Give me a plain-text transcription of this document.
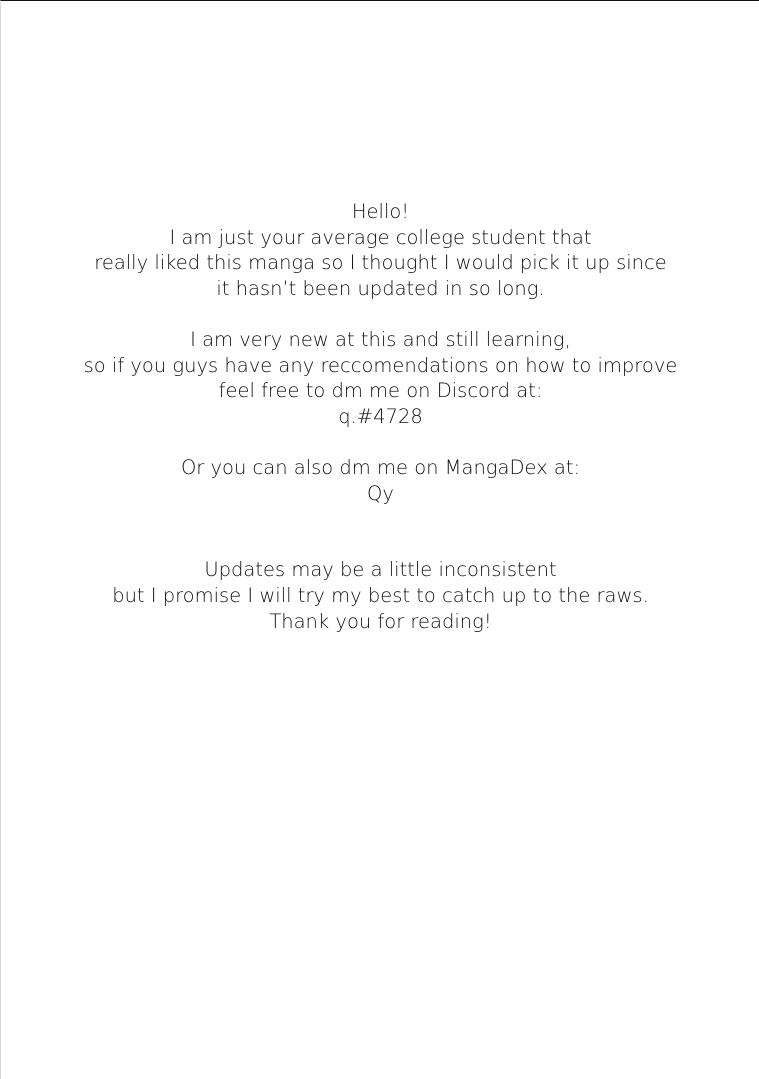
Hello!
I am just your average college student that
really liked this manga so I thought I would pick it up since
it hasn’t been updated in so long.
I am very new at this and still learning,
so if you guys have any reccomendations on how to improve
feel free to dm me on Discord at:
q.#4728
Or you can also dm me on MangaDex at:
Qy
Updates may be a little inconsistent
but I promise I will try my best to catch up to the raws.
Thank you for reading!
